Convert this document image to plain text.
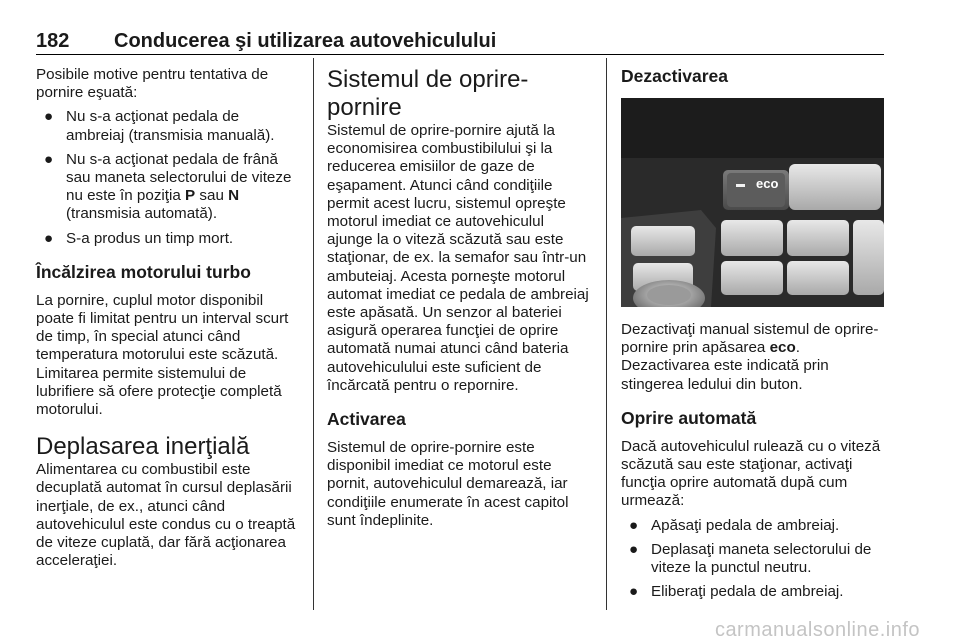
182 Conducerea şi utilizarea autovehiculului

Posibile motive pentru tentativa de pornire eşuată:

● Nu s-a acţionat pedala de ambreiaj (transmisia manuală).
● Nu s-a acţionat pedala de frână sau maneta selectorului de viteze nu este în poziţia P sau N (transmisia automată).
● S-a produs un timp mort.
Încălzirea motorului turbo

La pornire, cuplul motor disponibil poate fi limitat pentru un interval scurt de timp, în special atunci când temperatura motorului este scăzută. Limitarea permite sistemului de lubrifiere să ofere protecţie completă motorului.

Deplasarea inerţială

Alimentarea cu combustibil este decuplată automat în cursul deplasării inerţiale, de ex., atunci când autovehiculul este condus cu o treaptă de viteze cuplată, dar fără acţionarea acceleraţiei.

Sistemul de oprire-pornire

Sistemul de oprire-pornire ajută la economisirea combustibilului şi la reducerea emisiilor de gaze de eşapament. Atunci când condiţiile permit acest lucru, sistemul opreşte motorul imediat ce autovehiculul ajunge la o viteză scăzută sau este staţionar, de ex. la semafor sau într-un ambuteiaj. Acesta porneşte motorul automat imediat ce pedala de ambreiaj este apăsată. Un senzor al bateriei asigură operarea funcţiei de oprire automată numai atunci când bateria autovehiculului este suficient de încărcată pentru o repornire.

Activarea

Sistemul de oprire-pornire este disponibil imediat ce motorul este pornit, autovehiculul demarează, iar condiţiile enumerate în acest capitol sunt îndeplinite.

Dezactivarea
eco

Dezactivaţi manual sistemul de oprire-pornire prin apăsarea eco. Dezactivarea este indicată prin stingerea ledului din buton.

Oprire automată

Dacă autovehiculul rulează cu o viteză scăzută sau este staţionar, activaţi funcţia oprire automată după cum urmează:

● Apăsaţi pedala de ambreiaj.
● Deplasaţi maneta selectorului de viteze la punctul neutru.
● Eliberaţi pedala de ambreiaj.
carmanualsonline.info
